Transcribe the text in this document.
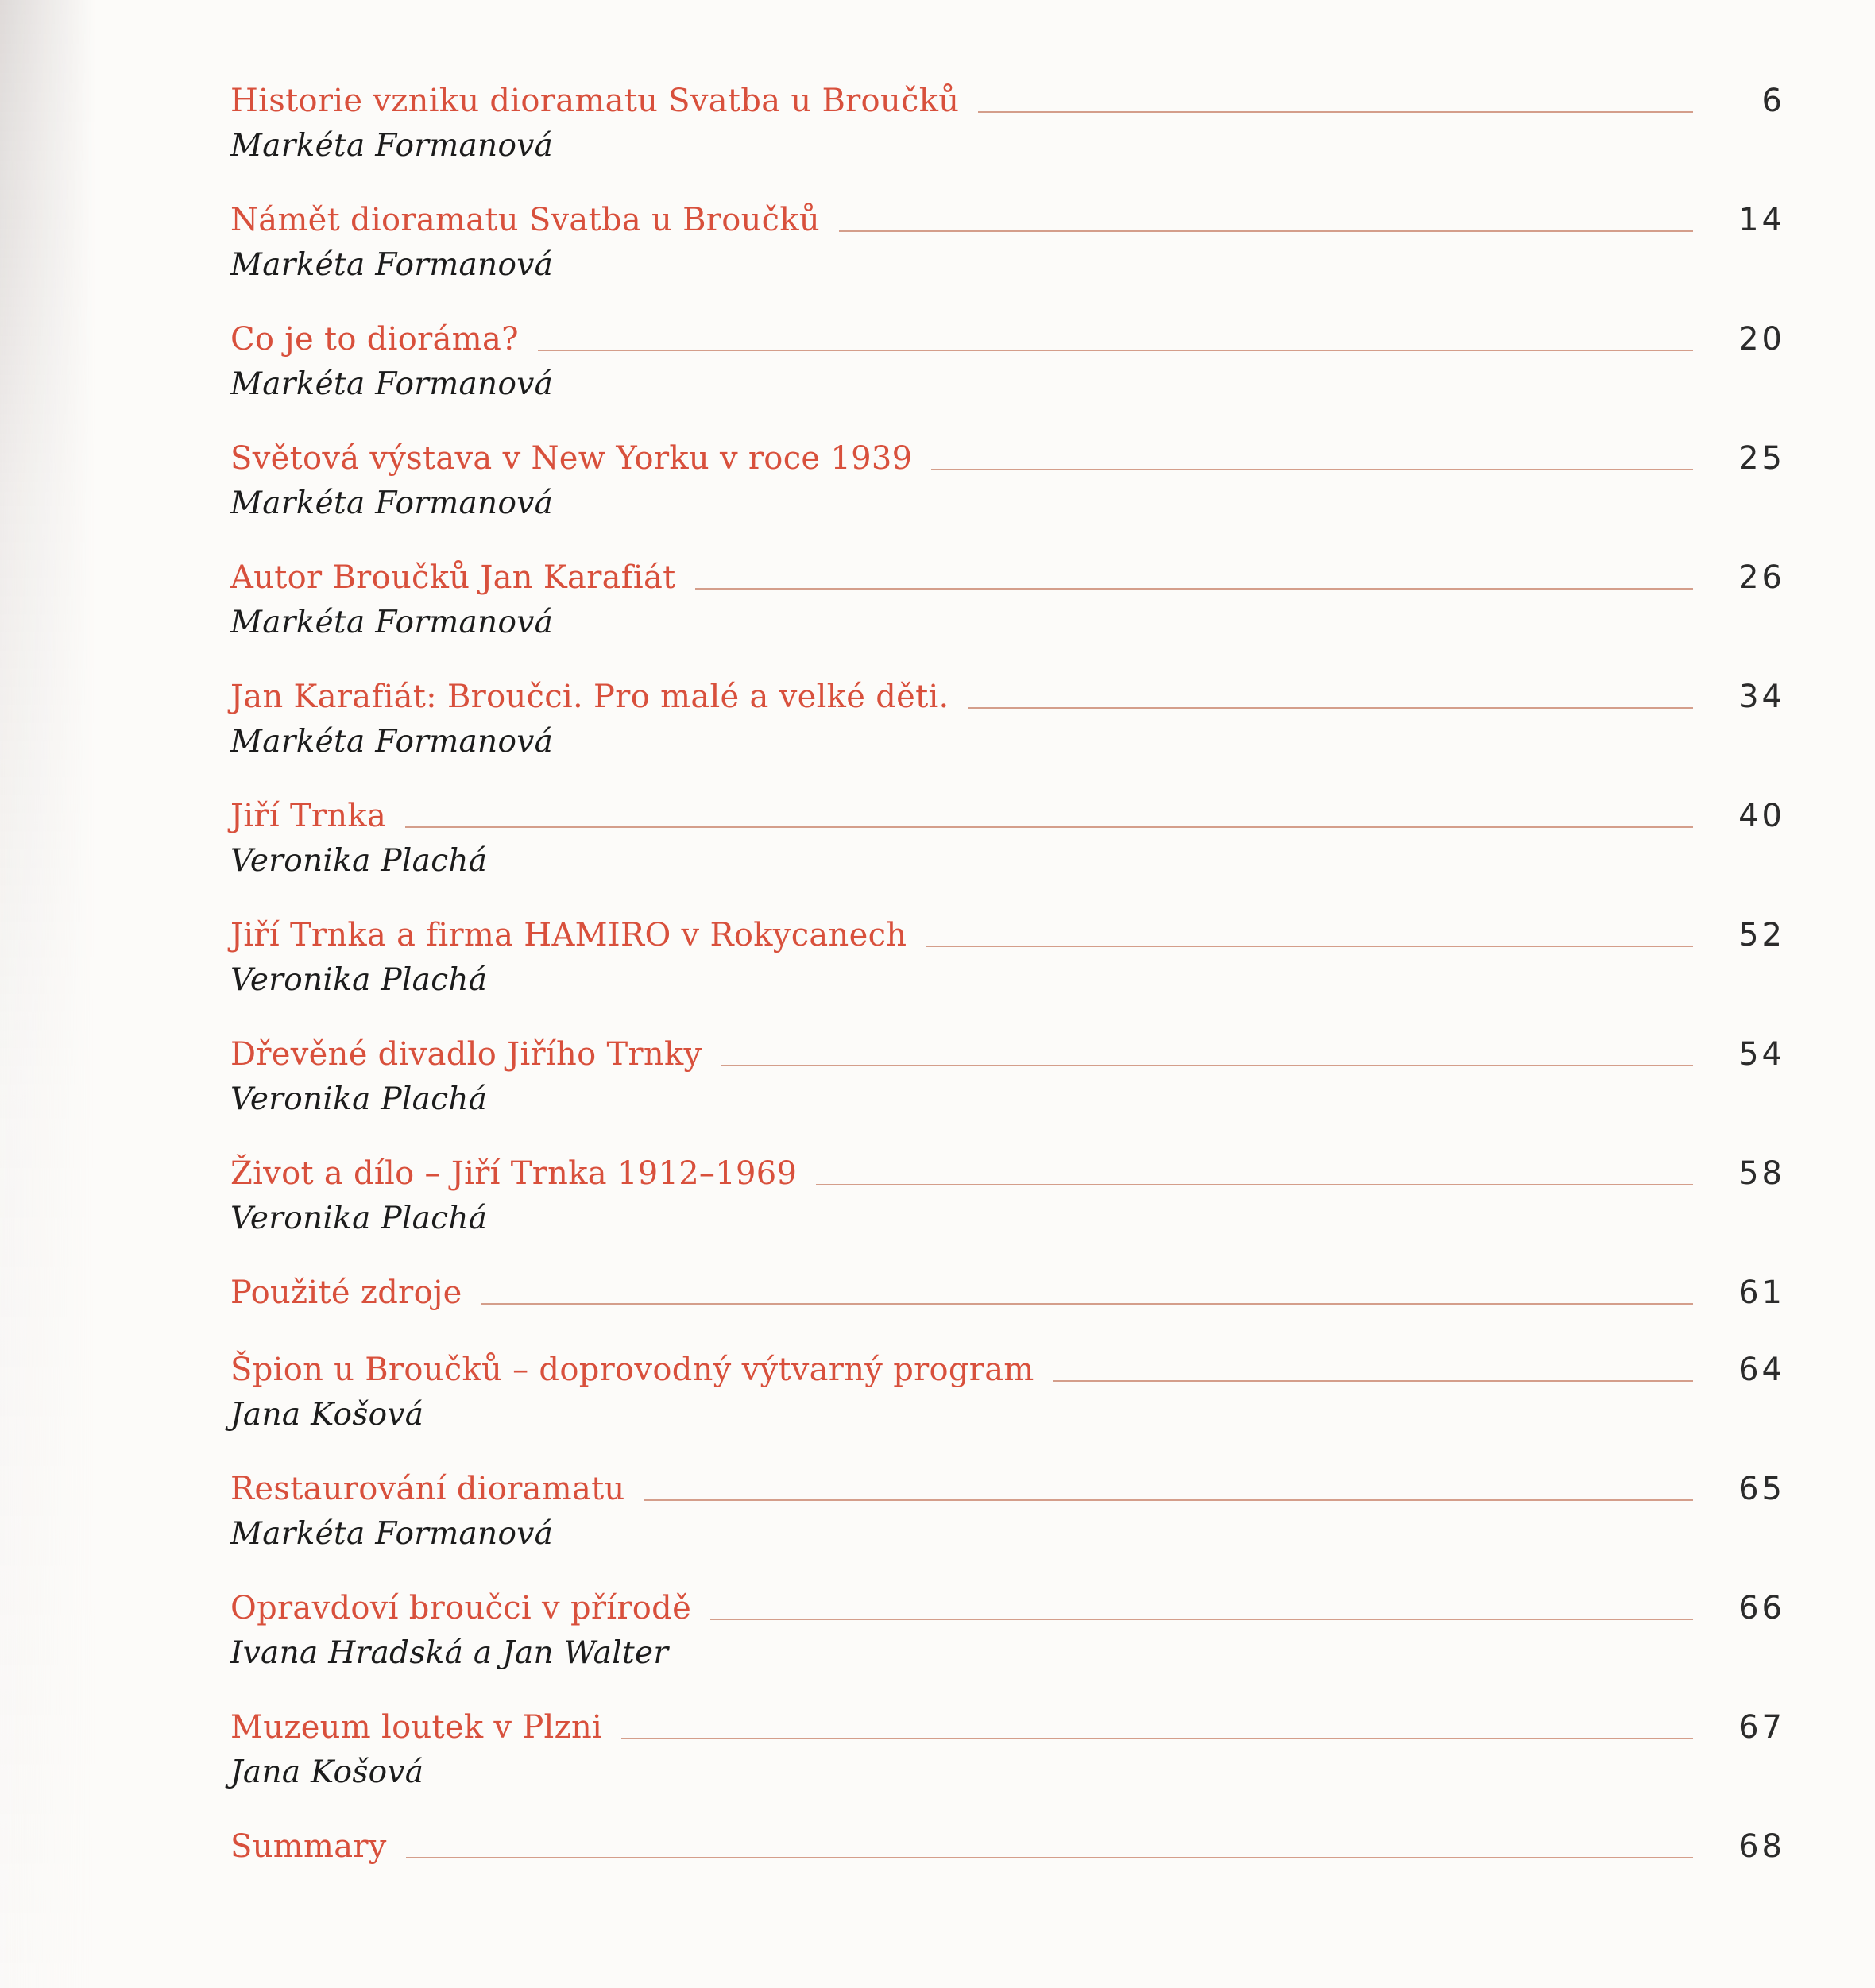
Historie vzniku dioramatu Svatba u Broučků	6
Markéta Formanová
Námět dioramatu Svatba u Broučků	14
Markéta Formanová
Co je to dioráma?	20
Markéta Formanová
Světová výstava v New Yorku v roce 1939	25
Markéta Formanová
Autor Broučků Jan Karafiát	26
Markéta Formanová
Jan Karafiát: Broučci. Pro malé a velké děti.	34
Markéta Formanová
Jiří Trnka	40
Veronika Plachá
Jiří Trnka a firma HAMIRO v Rokycanech	52
Veronika Plachá
Dřevěné divadlo Jiřího Trnky	54
Veronika Plachá
Život a dílo – Jiří Trnka 1912–1969	58
Veronika Plachá
Použité zdroje	61
Špion u Broučků – doprovodný výtvarný program	64
Jana Košová
Restaurování dioramatu	65
Markéta Formanová
Opravdoví broučci v přírodě	66
Ivana Hradská a Jan Walter
Muzeum loutek v Plzni	67
Jana Košová
Summary	68
